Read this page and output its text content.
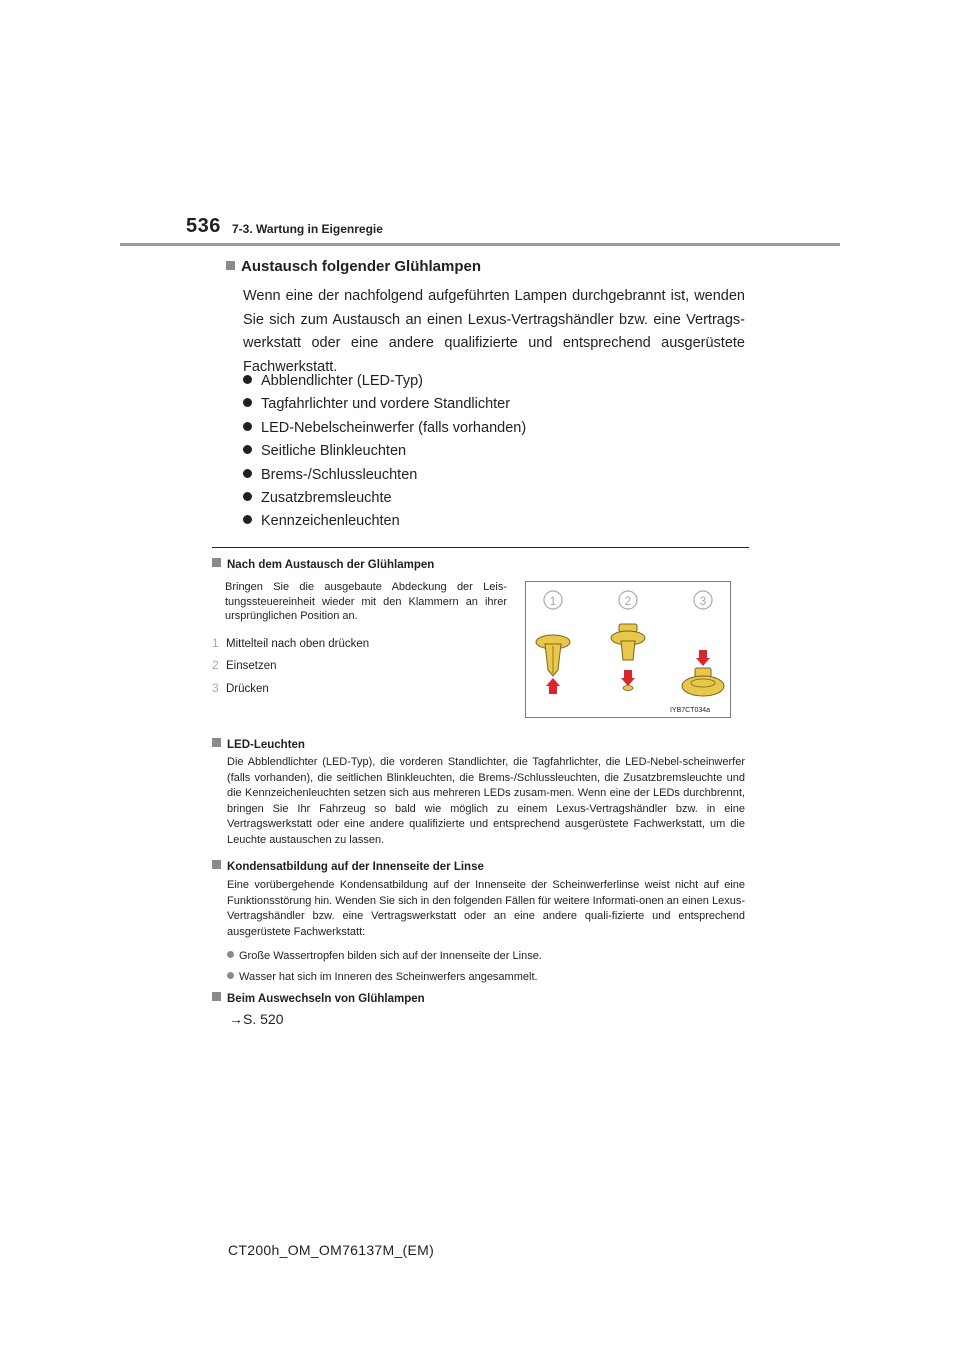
536 7-3. Wartung in Eigenregie
Austausch folgender Glühlampen
Wenn eine der nachfolgend aufgeführten Lampen durchgebrannt ist, wenden Sie sich zum Austausch an einen Lexus-Vertragshändler bzw. eine Vertrags-werkstatt oder eine andere qualifizierte und entsprechend ausgerüstete Fachwerkstatt.
Abblendlichter (LED-Typ)
Tagfahrlichter und vordere Standlichter
LED-Nebelscheinwerfer (falls vorhanden)
Seitliche Blinkleuchten
Brems-/Schlussleuchten
Zusatzbremsleuchte
Kennzeichenleuchten
Nach dem Austausch der Glühlampen
Bringen Sie die ausgebaute Abdeckung der Leis-tungssteuereinheit wieder mit den Klammern an ihrer ursprünglichen Position an.
1 Mittelteil nach oben drücken
2 Einsetzen
3 Drücken
1	2	3
IYB7CT034a
LED-Leuchten
Die Abblendlichter (LED-Typ), die vorderen Standlichter, die Tagfahrlichter, die LED-Nebel-scheinwerfer (falls vorhanden), die seitlichen Blinkleuchten, die Brems-/Schlussleuchten, die Zusatzbremsleuchte und die Kennzeichenleuchten setzen sich aus mehreren LEDs zusam-men. Wenn eine der LEDs durchbrennt, bringen Sie Ihr Fahrzeug so bald wie möglich zu einem Lexus-Vertragshändler bzw. in eine Vertragswerkstatt oder eine andere qualifizierte und entsprechend ausgerüstete Fachwerkstatt, um die Leuchte austauschen zu lassen.
Kondensatbildung auf der Innenseite der Linse
Eine vorübergehende Kondensatbildung auf der Innenseite der Scheinwerferlinse weist nicht auf eine Funktionsstörung hin. Wenden Sie sich in den folgenden Fällen für weitere Informati-onen an einen Lexus-Vertragshändler bzw. eine Vertragswerkstatt oder an eine andere quali-fizierte und entsprechend ausgerüstete Fachwerkstatt:
Große Wassertropfen bilden sich auf der Innenseite der Linse.
Wasser hat sich im Inneren des Scheinwerfers angesammelt.
Beim Auswechseln von Glühlampen
→S. 520
CT200h_OM_OM76137M_(EM)
